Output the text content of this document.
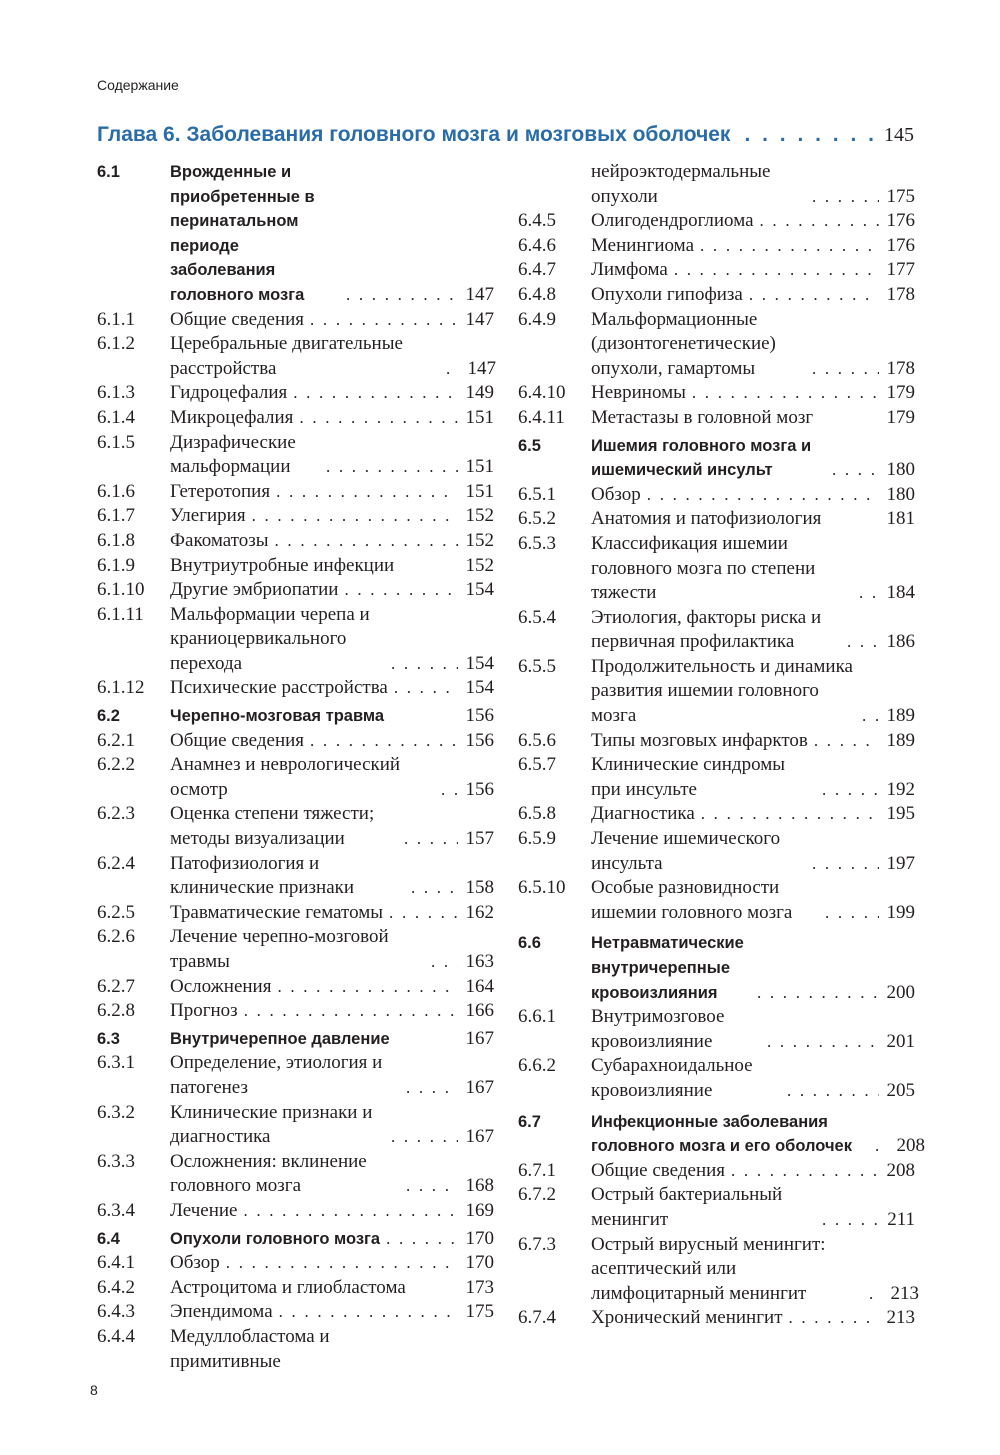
Содержание
Глава 6. Заболевания головного мозга и мозговых оболочек . . .	145
6.1	Врожденные и приобретенные в перинатальном периоде заболевания головного мозга . . .	147
6.1.1	Общие сведения . . .	147
6.1.2	Церебральные двигательные расстройства . . .	147
6.1.3	Гидроцефалия . . .	149
6.1.4	Микроцефалия . . .	151
6.1.5	Дизрафические мальформации . . .	151
6.1.6	Гетеротопия . . .	151
6.1.7	Улегирия . . .	152
6.1.8	Факоматозы . . .	152
6.1.9	Внутриутробные инфекции	152
6.1.10	Другие эмбриопатии . . .	154
6.1.11	Мальформации черепа и краниоцервикального перехода . . .	154
6.1.12	Психические расстройства . . .	154
6.2	Черепно-мозговая травма	156
6.2.1	Общие сведения . . .	156
6.2.2	Анамнез и неврологический осмотр . . .	156
6.2.3	Оценка степени тяжести; методы визуализации . . .	157
6.2.4	Патофизиология и клинические признаки . . .	158
6.2.5	Травматические гематомы . . .	162
6.2.6	Лечение черепно-мозговой травмы . . .	163
6.2.7	Осложнения . . .	164
6.2.8	Прогноз . . .	166
6.3	Внутричерепное давление	167
6.3.1	Определение, этиология и патогенез . . .	167
6.3.2	Клинические признаки и диагностика . . .	167
6.3.3	Осложнения: вклинение головного мозга . . .	168
6.3.4	Лечение . . .	169
6.4	Опухоли головного мозга . . .	170
6.4.1	Обзор . . .	170
6.4.2	Астроцитома и глиобластома	173
6.4.3	Эпендимома . . .	175
6.4.4	Медуллобластома и примитивные
нейроэктодермальные опухоли . . .	175
6.4.5	Олигодендроглиома . . .	176
6.4.6	Менингиома . . .	176
6.4.7	Лимфома . . .	177
6.4.8	Опухоли гипофиза . . .	178
6.4.9	Мальформационные (дизонтогенетические) опухоли, гамартомы . . .	178
6.4.10	Невриномы . . .	179
6.4.11	Метастазы в головной мозг	179
6.5	Ишемия головного мозга и ишемический инсульт . . .	180
6.5.1	Обзор . . .	180
6.5.2	Анатомия и патофизиология	181
6.5.3	Классификация ишемии головного мозга по степени тяжести . . .	184
6.5.4	Этиология, факторы риска и первичная профилактика . . .	186
6.5.5	Продолжительность и динамика развития ишемии головного мозга . . .	189
6.5.6	Типы мозговых инфарктов . . .	189
6.5.7	Клинические синдромы при инсульте . . .	192
6.5.8	Диагностика . . .	195
6.5.9	Лечение ишемического инсульта . . .	197
6.5.10	Особые разновидности ишемии головного мозга . . .	199
6.6	Нетравматические внутричерепные кровоизлияния . . .	200
6.6.1	Внутримозговое кровоизлияние . . .	201
6.6.2	Субарахноидальное кровоизлияние . . .	205
6.7	Инфекционные заболевания головного мозга и его оболочек . . .	208
6.7.1	Общие сведения . . .	208
6.7.2	Острый бактериальный менингит . . .	211
6.7.3	Острый вирусный менингит: асептический или лимфоцитарный менингит . . .	213
6.7.4	Хронический менингит . . .	213
8
